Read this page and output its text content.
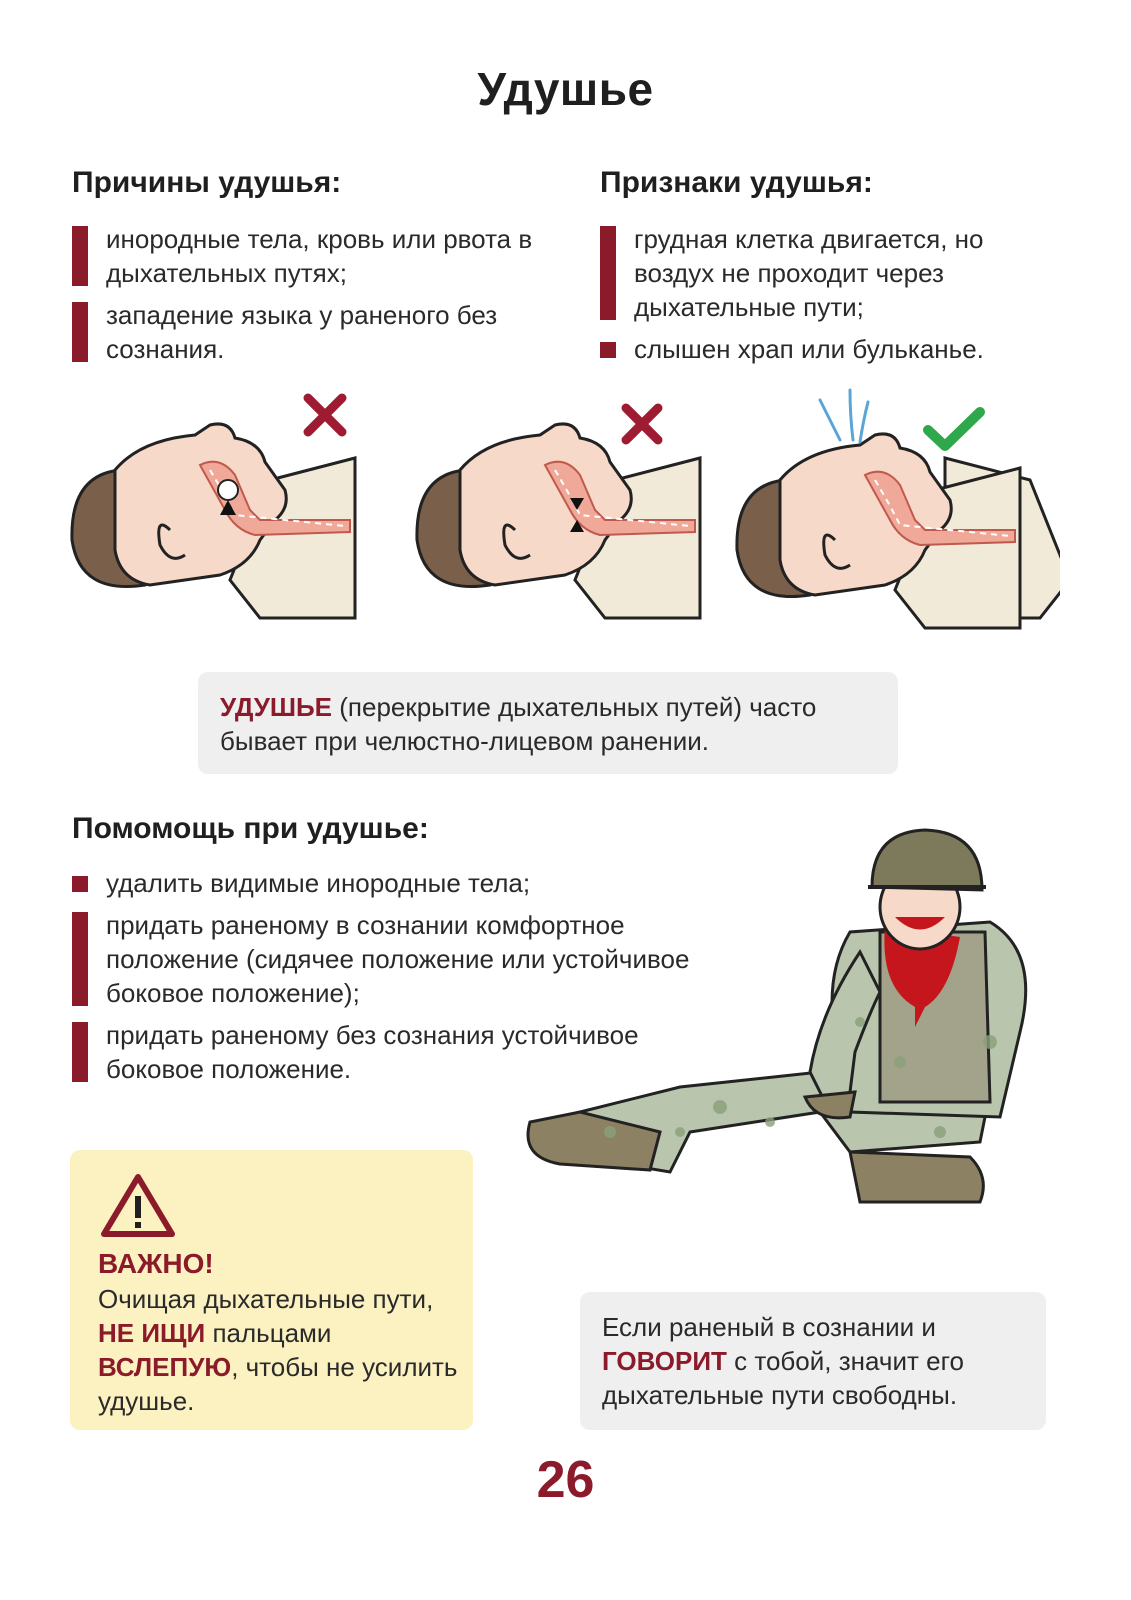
Удушье
Причины удушья:
инородные тела, кровь или рвота в дыхательных путях;
западение языка у раненого без сознания.
Признаки удушья:
грудная клетка двигается, но воздух не проходит через дыхательные пути;
слышен храп или бульканье.
УДУШЬЕ (перекрытие дыхательных путей) часто бывает при челюстно-лицевом ранении.
Помомощь при удушье:
удалить видимые инородные тела;
придать раненому в сознании комфортное положение (сидячее положение или устойчивое боковое положение);
придать раненому без сознания устойчивое боковое положение.
ВАЖНО!
Очищая дыхательные пути, НЕ ИЩИ пальцами ВСЛЕПУЮ, чтобы не усилить удушье.
Если раненый в сознании и ГОВОРИТ с тобой, значит его дыхательные пути свободны.
26
